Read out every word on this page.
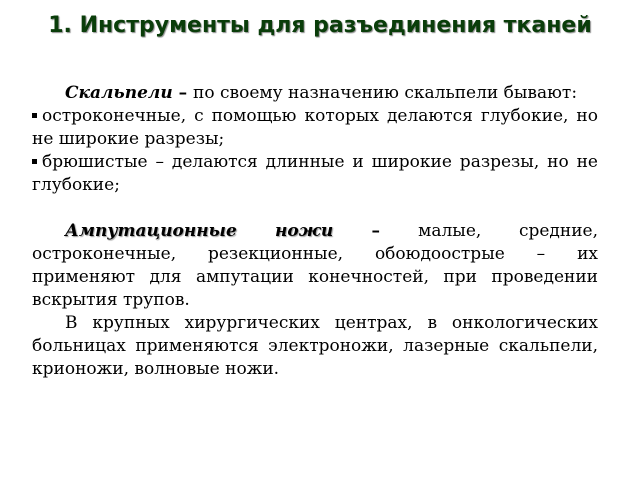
1. Инструменты для разъединения тканей

Скальпели – по своему назначению скальпели бывают:

остроконечные, с помощью которых делаются глубокие, но не широкие разрезы;
брюшистые – делаются длинные и широкие разрезы, но не глубокие;

Ампутационные ножи – малые, средние, остроконечные, резекционные, обоюдоострые – их применяют для ампутации конечностей, при проведении вскрытия трупов.

В крупных хирургических центрах, в онкологических больницах применяются электроножи, лазерные скальпели, крионожи, волновые ножи.
